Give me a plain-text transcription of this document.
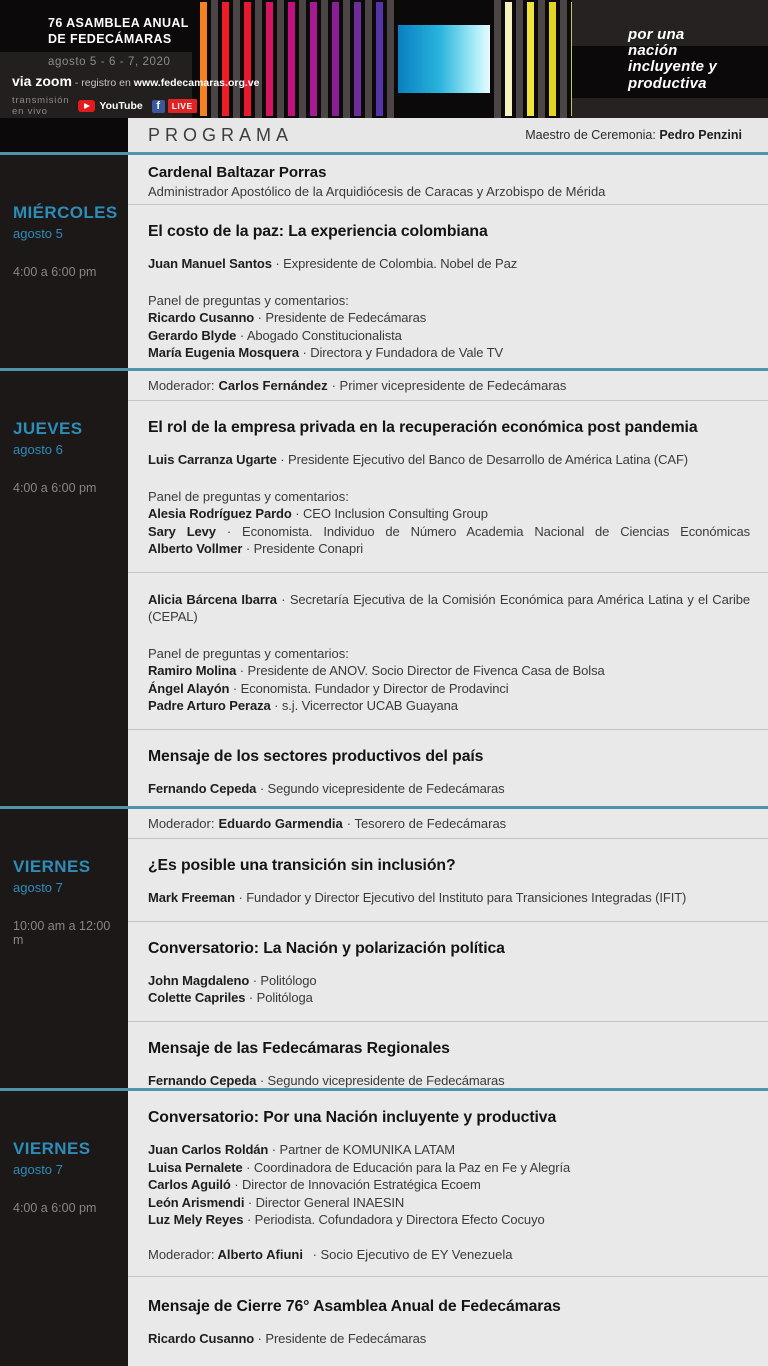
76 ASAMBLEA ANUAL
DE FEDECÁMARAS
agosto 5 - 6 - 7, 2020
via zoom - registro en www.fedecamaras.org.ve
transmisión en vivo	YouTube	f	LIVE
por una
nación
incluyente y
productiva
PROGRAMA	Maestro de Ceremonia: Pedro Penzini
MIÉRCOLES
agosto 5
4:00 a 6:00 pm
Cardenal Baltazar Porras
Administrador Apostólico de la Arquidiócesis de Caracas y Arzobispo de Mérida
El costo de la paz: La experiencia colombiana

Juan Manuel Santos · Expresidente de Colombia. Nobel de Paz

Panel de preguntas y comentarios:

Ricardo Cusanno · Presidente de Fedecámaras

Gerardo Blyde · Abogado Constitucionalista

María Eugenia Mosquera · Directora y Fundadora de Vale TV

JUEVES
agosto 6
4:00 a 6:00 pm
Moderador: Carlos Fernández · Primer vicepresidente de Fedecámaras
El rol de la empresa privada en la recuperación económica post pandemia

Luis Carranza Ugarte · Presidente Ejecutivo del Banco de Desarrollo de América Latina (CAF)

Panel de preguntas y comentarios:

Alesia Rodríguez Pardo · CEO Inclusion Consulting Group

Sary Levy · Economista. Individuo de Número Academia Nacional de Ciencias Económicas

Alberto Vollmer · Presidente Conapri

Alicia Bárcena Ibarra · Secretaría Ejecutiva de la Comisión Económica para América Latina y el Caribe (CEPAL)

Panel de preguntas y comentarios:

Ramiro Molina · Presidente de ANOV. Socio Director de Fivenca Casa de Bolsa

Ángel Alayón · Economista. Fundador y Director de Prodavinci

Padre Arturo Peraza · s.j. Vicerrector UCAB Guayana

Mensaje de los sectores productivos del país

Fernando Cepeda · Segundo vicepresidente de Fedecámaras

VIERNES
agosto 7
10:00 am a 12:00 m
Moderador: Eduardo Garmendia · Tesorero de Fedecámaras
¿Es posible una transición sin inclusión?

Mark Freeman · Fundador y Director Ejecutivo del Instituto para Transiciones Integradas (IFIT)

Conversatorio: La Nación y polarización política

John Magdaleno · Politólogo

Colette Capriles · Politóloga

Mensaje de las Fedecámaras Regionales

Fernando Cepeda · Segundo vicepresidente de Fedecámaras

VIERNES
agosto 7
4:00 a 6:00 pm
Conversatorio: Por una Nación incluyente y productiva

Juan Carlos Roldán · Partner de KOMUNIKA LATAM

Luisa Pernalete · Coordinadora de Educación para la Paz en Fe y Alegría

Carlos Aguiló · Director de Innovación Estratégica Ecoem

León Arismendi · Director General INAESIN

Luz Mely Reyes · Periodista. Cofundadora y Directora Efecto Cocuyo

Moderador: Alberto Afiuni · Socio Ejecutivo de EY Venezuela

Mensaje de Cierre 76° Asamblea Anual de Fedecámaras

Ricardo Cusanno · Presidente de Fedecámaras
